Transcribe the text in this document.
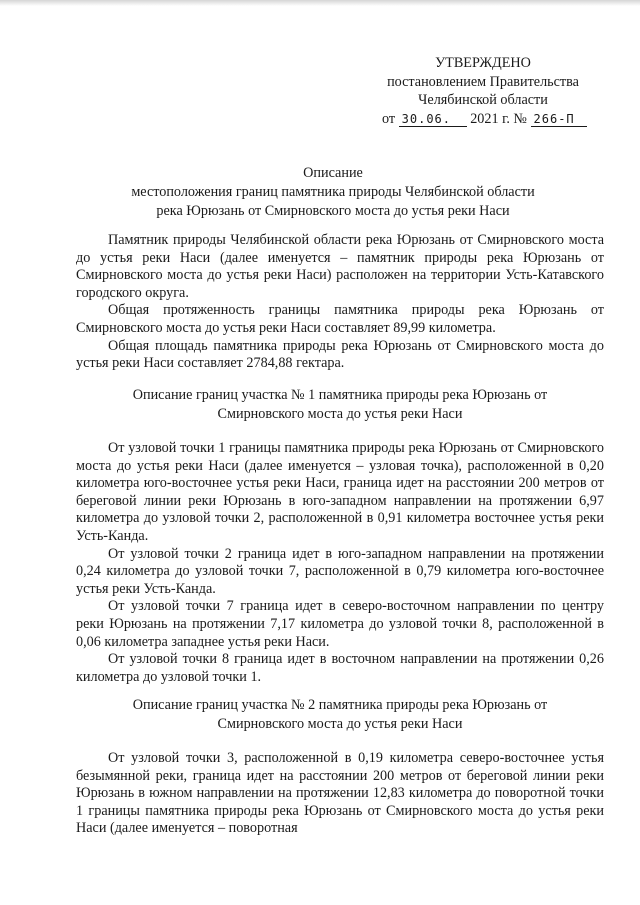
УТВЕРЖДЕНО
постановлением Правительства
Челябинской области
от 30.06. 2021 г. № 266-П
Описание
местоположения границ памятника природы Челябинской области
река Юрюзань от Смирновского моста до устья реки Наси

Памятник природы Челябинской области река Юрюзань от Смирновского моста до устья реки Наси (далее именуется – памятник природы река Юрюзань от Смирновского моста до устья реки Наси) расположен на территории Усть-Катавского городского округа.

Общая протяженность границы памятника природы река Юрюзань от Смирновского моста до устья реки Наси составляет 89,99 километра.

Общая площадь памятника природы река Юрюзань от Смирновского моста до устья реки Наси составляет 2784,88 гектара.

Описание границ участка № 1 памятника природы река Юрюзань от
Смирновского моста до устья реки Наси

От узловой точки 1 границы памятника природы река Юрюзань от Смирновского моста до устья реки Наси (далее именуется – узловая точка), расположенной в 0,20 километра юго-восточнее устья реки Наси, граница идет на расстоянии 200 метров от береговой линии реки Юрюзань в юго-западном направлении на протяжении 6,97 километра до узловой точки 2, расположенной в 0,91 километра восточнее устья реки Усть-Канда.

От узловой точки 2 граница идет в юго-западном направлении на протяжении 0,24 километра до узловой точки 7, расположенной в 0,79 километра юго-восточнее устья реки Усть-Канда.

От узловой точки 7 граница идет в северо-восточном направлении по центру реки Юрюзань на протяжении 7,17 километра до узловой точки 8, расположенной в 0,06 километра западнее устья реки Наси.

От узловой точки 8 граница идет в восточном направлении на протяжении 0,26 километра до узловой точки 1.

Описание границ участка № 2 памятника природы река Юрюзань от
Смирновского моста до устья реки Наси

От узловой точки 3, расположенной в 0,19 километра северо-восточнее устья безымянной реки, граница идет на расстоянии 200 метров от береговой линии реки Юрюзань в южном направлении на протяжении 12,83 километра до поворотной точки 1 границы памятника природы река Юрюзань от Смирновского моста до устья реки Наси (далее именуется – поворотная
